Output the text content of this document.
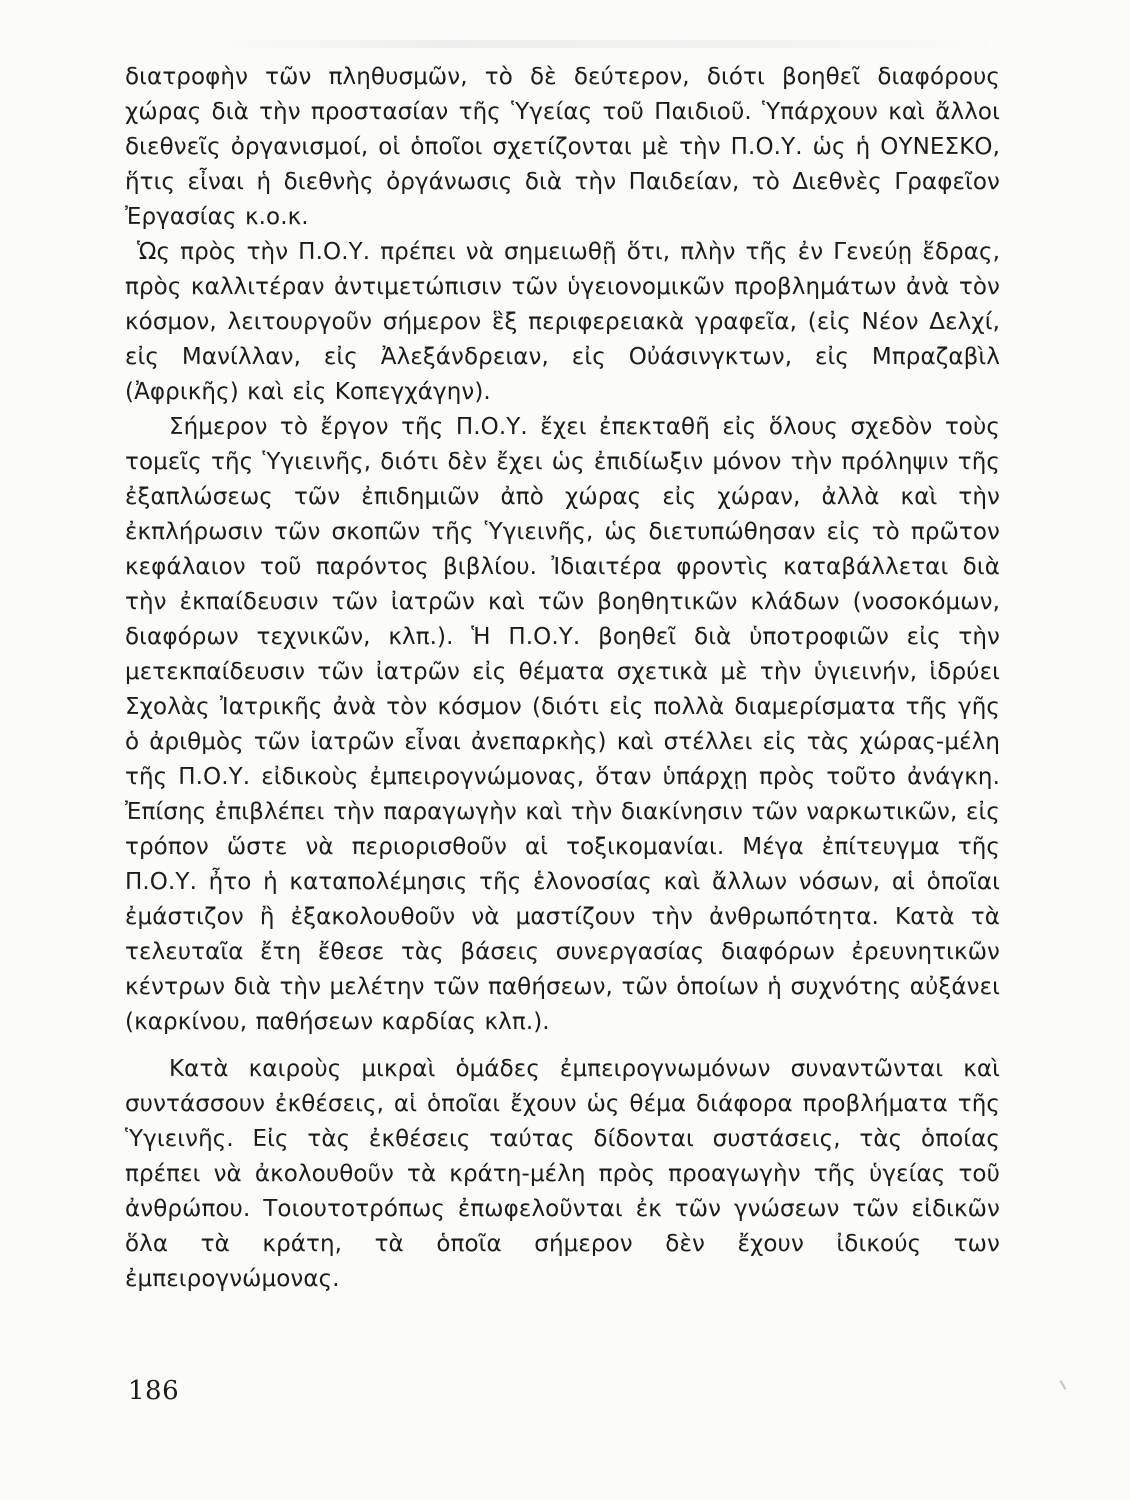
διατροφὴν τῶν πληθυσμῶν, τὸ δὲ δεύτερον, διότι βοηθεῖ διαφόρους χώρας διὰ τὴν προστασίαν τῆς Ὑγείας τοῦ Παιδιοῦ. Ὑπάρχουν καὶ ἄλλοι διεθνεῖς ὀργανισμοί, οἱ ὁποῖοι σχετίζονται μὲ τὴν Π.Ο.Υ. ὡς ἡ ΟΥΝΕΣΚΟ, ἥτις εἶναι ἡ διεθνὴς ὀργάνωσις διὰ τὴν Παιδείαν, τὸ Διεθνὲς Γραφεῖον Ἐργασίας κ.ο.κ.

Ὡς πρὸς τὴν Π.Ο.Υ. πρέπει νὰ σημειωθῇ ὅτι, πλὴν τῆς ἐν Γενεύῃ ἕδρας, πρὸς καλλιτέραν ἀντιμετώπισιν τῶν ὑγειονομικῶν προβλημάτων ἀνὰ τὸν κόσμον, λειτουργοῦν σήμερον ἓξ περιφερειακὰ γραφεῖα, (εἰς Νέον Δελχί, εἰς Μανίλλαν, εἰς Ἀλεξάνδρειαν, εἰς Οὐάσινγκτων, εἰς Μπραζαβὶλ (Ἀφρικῆς) καὶ εἰς Κοπεγχάγην).

Σήμερον τὸ ἔργον τῆς Π.Ο.Υ. ἔχει ἐπεκταθῆ εἰς ὅλους σχεδὸν τοὺς τομεῖς τῆς Ὑγιεινῆς, διότι δὲν ἔχει ὡς ἐπιδίωξιν μόνον τὴν πρόληψιν τῆς ἐξαπλώσεως τῶν ἐπιδημιῶν ἀπὸ χώρας εἰς χώραν, ἀλλὰ καὶ τὴν ἐκπλήρωσιν τῶν σκοπῶν τῆς Ὑγιεινῆς, ὡς διετυπώθησαν εἰς τὸ πρῶτον κεφάλαιον τοῦ παρόντος βιβλίου. Ἰδιαιτέρα φροντὶς καταβάλλεται διὰ τὴν ἐκπαίδευσιν τῶν ἰατρῶν καὶ τῶν βοηθητικῶν κλάδων (νοσοκόμων, διαφόρων τεχνικῶν, κλπ.). Ἡ Π.Ο.Υ. βοηθεῖ διὰ ὑποτροφιῶν εἰς τὴν μετεκπαίδευσιν τῶν ἰατρῶν εἰς θέματα σχετικὰ μὲ τὴν ὑγιεινήν, ἱδρύει Σχολὰς Ἰατρικῆς ἀνὰ τὸν κόσμον (διότι εἰς πολλὰ διαμερίσματα τῆς γῆς ὁ ἀριθμὸς τῶν ἰατρῶν εἶναι ἀνεπαρκὴς) καὶ στέλλει εἰς τὰς χώρας-μέλη τῆς Π.Ο.Υ. εἰδικοὺς ἐμπειρογνώμονας, ὅταν ὑπάρχῃ πρὸς τοῦτο ἀνάγκη. Ἐπίσης ἐπιβλέπει τὴν παραγωγὴν καὶ τὴν διακίνησιν τῶν ναρκωτικῶν, εἰς τρόπον ὥστε νὰ περιορισθοῦν αἱ τοξικομανίαι. Μέγα ἐπίτευγμα τῆς Π.Ο.Υ. ἦτο ἡ καταπολέμησις τῆς ἑλονοσίας καὶ ἄλλων νόσων, αἱ ὁποῖαι ἐμάστιζον ἢ ἐξακολουθοῦν νὰ μαστίζουν τὴν ἀνθρωπότητα. Κατὰ τὰ τελευταῖα ἔτη ἔθεσε τὰς βάσεις συνεργασίας διαφόρων ἐρευνητικῶν κέντρων διὰ τὴν μελέτην τῶν παθήσεων, τῶν ὁποίων ἡ συχνότης αὐξάνει (καρκίνου, παθήσεων καρδίας κλπ.).

Κατὰ καιροὺς μικραὶ ὁμάδες ἐμπειρογνωμόνων συναντῶνται καὶ συντάσσουν ἐκθέσεις, αἱ ὁποῖαι ἔχουν ὡς θέμα διάφορα προβλήματα τῆς Ὑγιεινῆς. Εἰς τὰς ἐκθέσεις ταύτας δίδονται συστάσεις, τὰς ὁποίας πρέπει νὰ ἀκολουθοῦν τὰ κράτη-μέλη πρὸς προαγωγὴν τῆς ὑγείας τοῦ ἀνθρώπου. Τοιουτοτρόπως ἐπωφελοῦνται ἐκ τῶν γνώσεων τῶν εἰδικῶν ὅλα τὰ κράτη, τὰ ὁποῖα σήμερον δὲν ἔχουν ἰδικούς των ἐμπειρογνώμονας.

186
